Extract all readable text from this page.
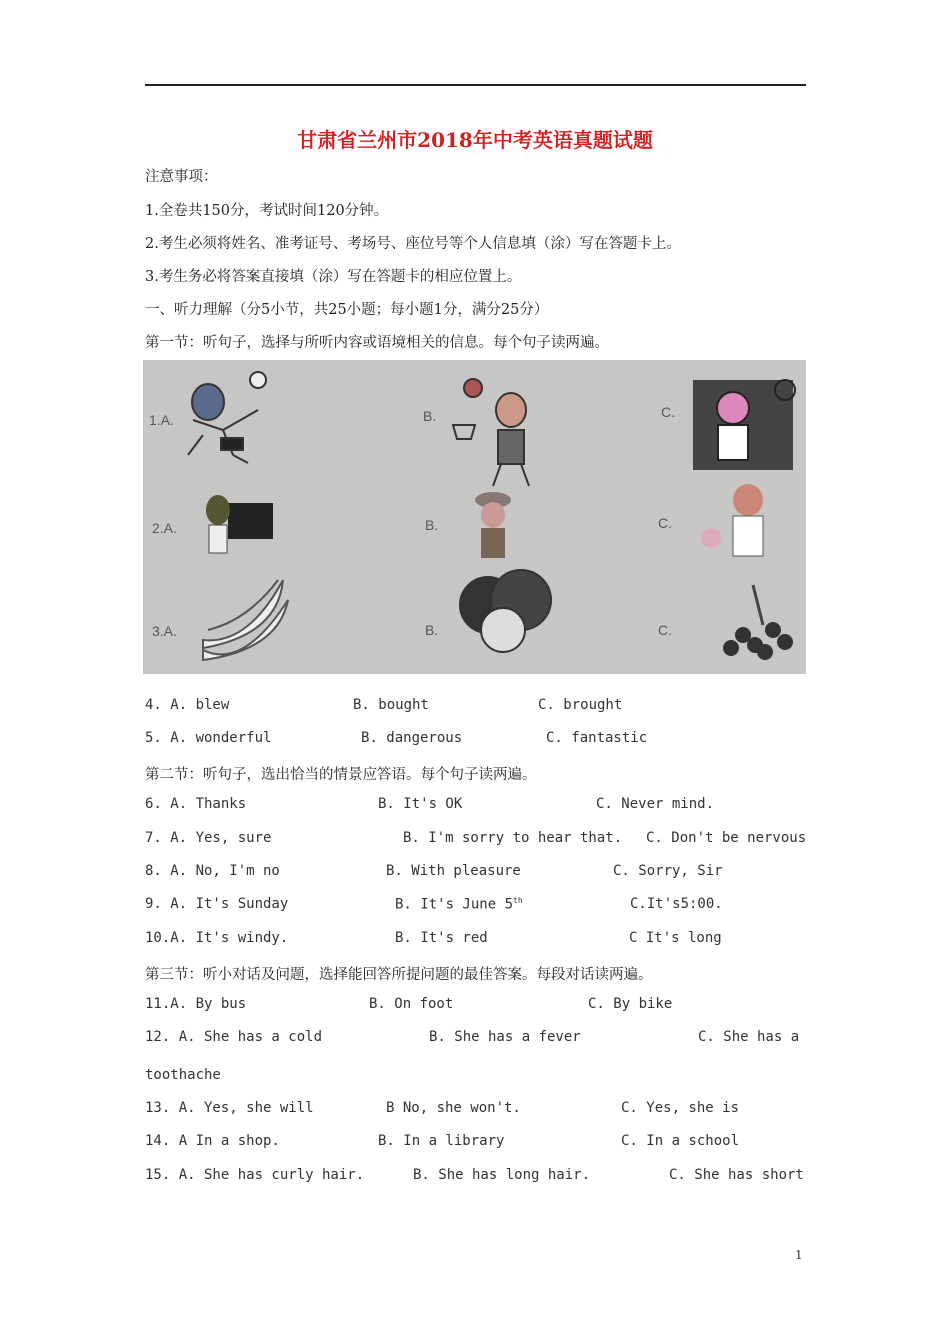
甘肃省兰州市2018年中考英语真题试题
注意事项：
1.全卷共150分，考试时间120分钟。
2.考生必须将姓名、准考证号、考场号、座位号等个人信息填（涂）写在答题卡上。
3.考生务必将答案直接填（涂）写在答题卡的相应位置上。
一、听力理解（分5小节，共25小题；每小题1分，满分25分）
第一节：听句子，选择与所听内容或语境相关的信息。每个句子读两遍。
1.A.	B.	C.
2.A.	B.	C.
3.A.	B.	C.
4. A. blew	B. bought	C. brought
5. A. wonderful	B. dangerous	C. fantastic
第二节：听句子，选出恰当的情景应答语。每个句子读两遍。
6. A. Thanks	B. It's OK	C. Never mind.
7. A. Yes, sure	B. I'm sorry to hear that. C. Don't be nervous
8. A. No, I'm no	B. With pleasure	C. Sorry, Sir
9. A. It's Sunday	B. It's June 5th	C.It's5:00.
10.A. It's windy.	B. It's red	C It's long
第三节：听小对话及问题，选择能回答所提问题的最佳答案。每段对话读两遍。
11.A. By bus	B. On foot	C. By bike
12. A. She has a cold	B. She has a fever	C. She has a
toothache
13. A. Yes, she will	B No, she won't.	C. Yes, she is
14. A In a shop.	B. In a library	C. In a school
15. A. She has curly hair.	B. She has long hair.	C. She has short
1
